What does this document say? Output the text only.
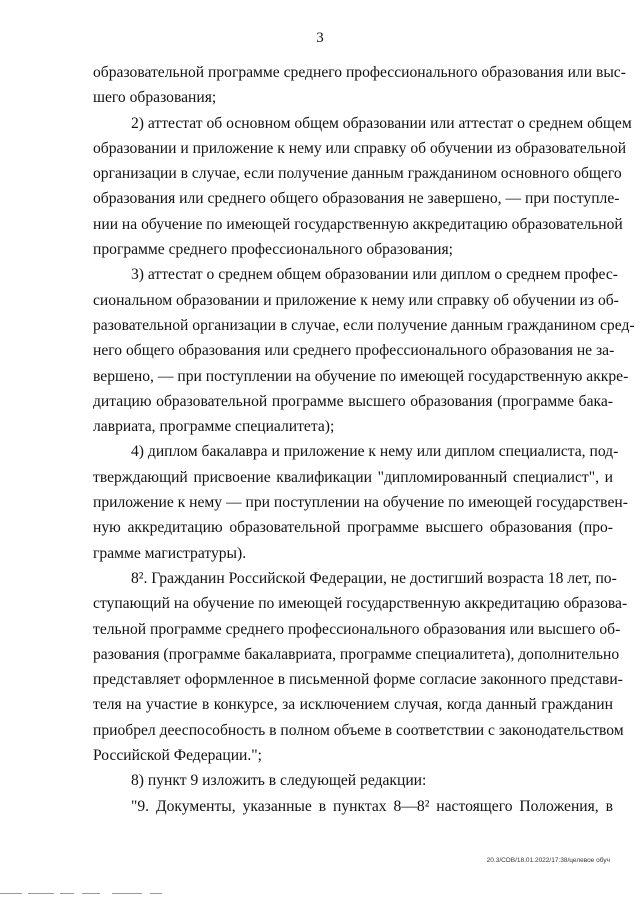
3
образовательной программе среднего профессионального образования или выс-
шего образования;
2) аттестат об основном общем образовании или аттестат о среднем общем
образовании и приложение к нему или справку об обучении из образовательной
организации в случае, если получение данным гражданином основного общего
образования или среднего общего образования не завершено, — при поступле-
нии на обучение по имеющей государственную аккредитацию образовательной
программе среднего профессионального образования;
3) аттестат о среднем общем образовании или диплом о среднем профес-
сиональном образовании и приложение к нему или справку об обучении из об-
разовательной организации в случае, если получение данным гражданином сред-
него общего образования или среднего профессионального образования не за-
вершено, — при поступлении на обучение по имеющей государственную аккре-
дитацию образовательной программе высшего образования (программе бака-
лавриата, программе специалитета);
4) диплом бакалавра и приложение к нему или диплом специалиста, под-
тверждающий присвоение квалификации "дипломированный специалист", и
приложение к нему — при поступлении на обучение по имеющей государствен-
ную аккредитацию образовательной программе высшего образования (про-
грамме магистратуры).
8². Гражданин Российской Федерации, не достигший возраста 18 лет, по-
ступающий на обучение по имеющей государственную аккредитацию образова-
тельной программе среднего профессионального образования или высшего об-
разования (программе бакалавриата, программе специалитета), дополнительно
представляет оформленное в письменной форме согласие законного представи-
теля на участие в конкурсе, за исключением случая, когда данный гражданин
приобрел дееспособность в полном объеме в соответствии с законодательством
Российской Федерации.";
8) пункт 9 изложить в следующей редакции:
"9. Документы, указанные в пунктах 8—8² настоящего Положения, в
20.3/СОВ/18.01.2022/17:38/целевое обуч
